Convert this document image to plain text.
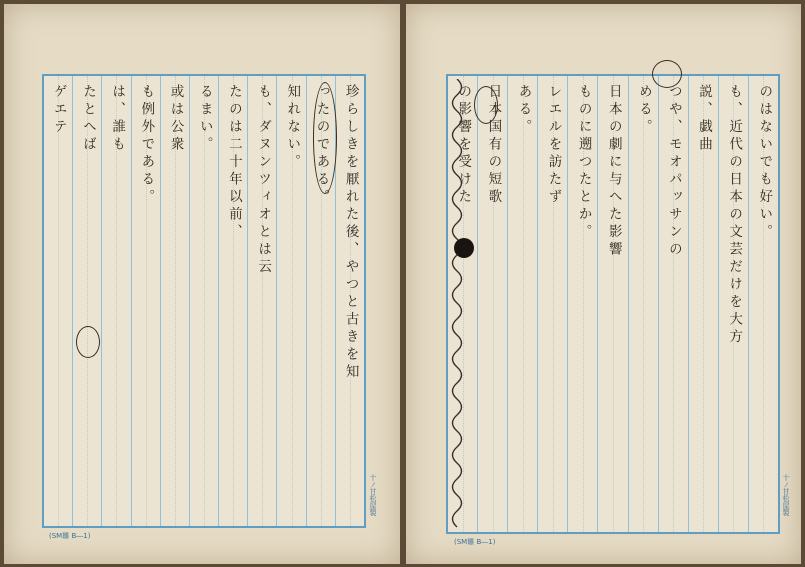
珍らしきを厭れた後、やつと古きを知
ったのである。
知れない。
も、ダヌンツィオとは云
たのは二十年以前、
るまい。
或は公衆
も例外である。
は、誰も
たとへば
ゲエテ
十ノ甘松屋製
(SM雛 B―1)
のはないでも好い。
も、近代の日本の文芸だけを大方
説、戯曲
つや、モオパッサンの
める。
日本の劇に与へた影響
ものに遡つたとか。
レエルを訪たず
ある。
日本国有の短歌
の影響を受けた
十ノ甘松屋製
(SM雛 B―1)
